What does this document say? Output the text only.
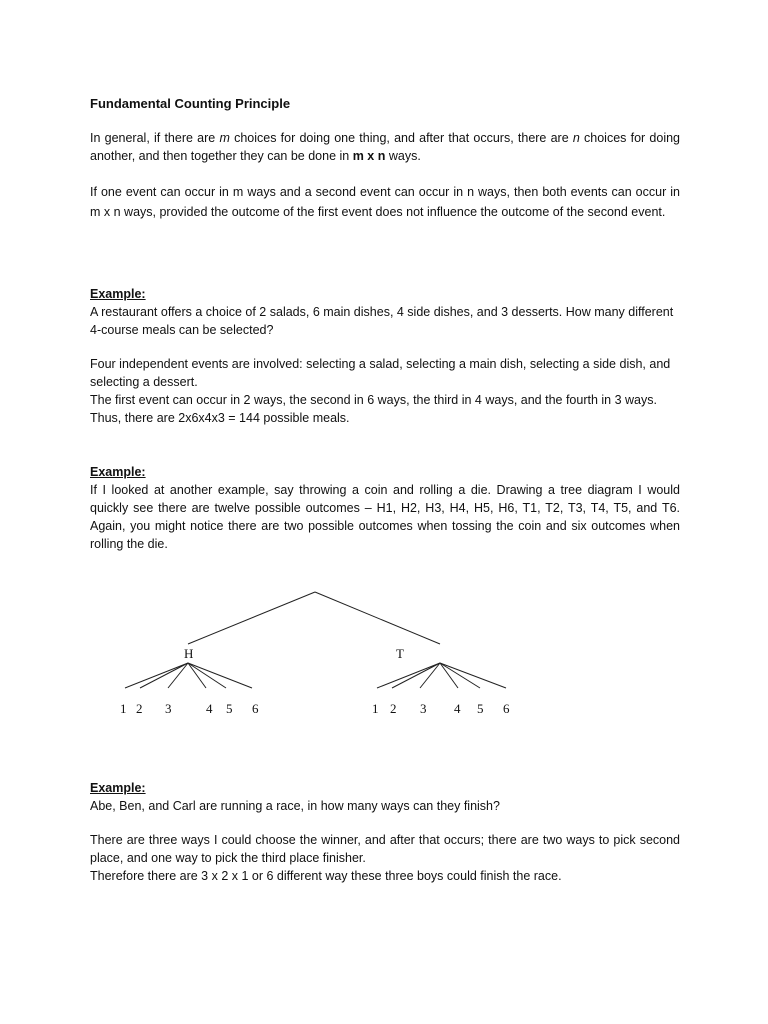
Fundamental Counting Principle

In general, if there are m choices for doing one thing, and after that occurs, there are n choices for doing another, and then together they can be done in m x n ways.

If one event can occur in m ways and a second event can occur in n ways, then both events can occur in m x n ways, provided the outcome of the first event does not influence the outcome of the second event.

Example:

A restaurant offers a choice of 2 salads, 6 main dishes, 4 side dishes, and 3 desserts. How many different 4-course meals can be selected?

Four independent events are involved: selecting a salad, selecting a main dish, selecting a side dish, and selecting a dessert.

The first event can occur in 2 ways, the second in 6 ways, the third in 4 ways, and the fourth in 3 ways.

Thus, there are 2x6x4x3 = 144 possible meals.

Example:

If I looked at another example, say throwing a coin and rolling a die. Drawing a tree diagram I would quickly see there are twelve possible outcomes – H1, H2, H3, H4, H5, H6, T1, T2, T3, T4, T5, and T6. Again, you might notice there are two possible outcomes when tossing the coin and six outcomes when rolling the die.

H	T
1 2 3	4 5 6	1 2 3 4 5 6

Example:

Abe, Ben, and Carl are running a race, in how many ways can they finish?

There are three ways I could choose the winner, and after that occurs; there are two ways to pick second place, and one way to pick the third place finisher.

Therefore there are 3 x 2 x 1 or 6 different way these three boys could finish the race.
